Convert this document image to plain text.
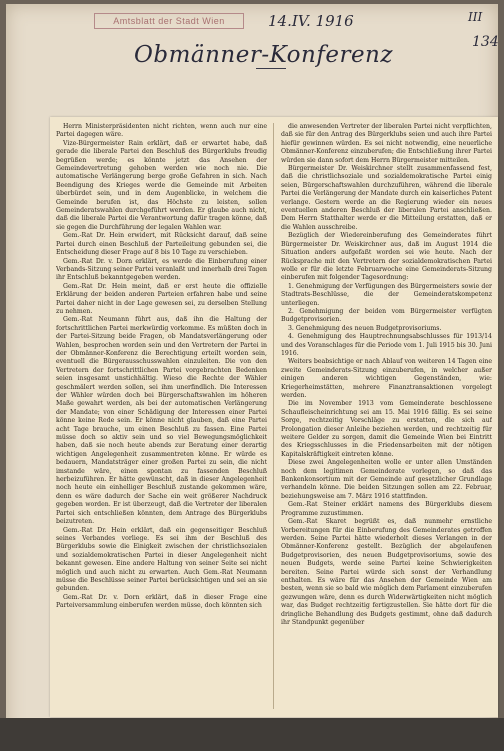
Amtsblatt der Stadt Wien	14.IV. 1916	III
134
Obmänner-Konferenz

Herrn Ministerpräsidenten nicht richten, wenn auch nur eine Partei dagegen wäre.

Vize-Bürgermeister Rain erklärt, daß er erwartet habe, daß gerade die liberale Partei den Beschluß des Bürgerklubs freudig begrüßen werde; es könnte jetzt das Ansehen der Gemeindevertretung gehoben werden wie noch nie. Die automatische Verlängerung berge große Gefahren in sich. Nach Beendigung des Krieges werde die Gemeinde mit Arbeiten überbürdet sein, und in dem Augenblicke, in welchem die Gemeinde berufen ist, das Höchste zu leisten, sollen Gemeinderatswahlen durchgeführt werden. Er glaube auch nicht, daß die liberale Partei die Verantwortung dafür tragen könne, daß sie gegen die Durchführung der legalen Wahlen war.

Gem.-Rat Dr. Hein erwidert, mit Rücksicht darauf, daß seine Partei durch einen Beschluß der Parteileitung gebunden sei, die Entscheidung dieser Frage auf 8 bis 10 Tage zu verschieben.

Gem.-Rat Dr. v. Dorn erklärt, es werde die Einberufung einer Verbands-Sitzung seiner Partei veranlaßt und innerhalb drei Tagen ihr Entschluß bekanntgegeben werden.

Gem.-Rat Dr. Hein meint, daß er erst heute die offizielle Erklärung der beiden anderen Parteien erfahren habe und seine Partei daher nicht in der Lage gewesen sei, zu derselben Stellung zu nehmen.

Gem.-Rat Neumann führt aus, daß ihn die Haltung der fortschrittlichen Partei merkwürdig vorkomme. Es müßten doch in der Partei-Sitzung beide Fragen, ob Mandatsverlängerung oder Wahlen, besprochen worden sein und den Vertretern der Partei in der Obmänner-Konferenz die Berechtigung erteilt worden sein, eventuell die Bürgerausschusswahlen einzuleiten. Die von den Vertretern der fortschrittlichen Partei vorgebrachten Bedenken seien insgesamt unstichhältig. Wieso die Rechte der Wähler geschmälert werden sollen, sei ihm unerfindlich. Die Interessen der Wähler würden doch bei Bürgerschaftswahlen im höheren Maße gewahrt werden, als bei der automatischen Verlängerung der Mandate; von einer Schädigung der Interessen einer Partei könne keine Rede sein. Er könne nicht glauben, daß eine Partei acht Tage brauche, um einen Beschluß zu fassen. Eine Partei müsse doch so aktiv sein und so viel Bewegungsmöglichkeit haben, daß sie noch heute abends zur Beratung einer derartig wichtigen Angelegenheit zusammentreten könne. Er würde es bedauern, Mandatsträger einer großen Partei zu sein, die nicht imstande wäre, einen spontan zu fassenden Beschluß herbeizuführen. Er hätte gewünscht, daß in dieser Angelegenheit noch heute ein einhelliger Beschluß zustande gekommen wäre, denn es wäre dadurch der Sache ein weit größerer Nachdruck gegeben worden. Er ist überzeugt, daß die Vertreter der liberalen Partei sich entschließen könnten, dem Antrage des Bürgerklubs beizutreten.

Gem.-Rat Dr. Hein erklärt, daß ein gegenseitiger Beschluß seines Verbandes vorliege. Es sei ihm der Beschluß des Bürgerklubs sowie die Einigkeit zwischen der christlichsozialen und sozialdemokratischen Partei in dieser Angelegenheit nicht bekannt gewesen. Eine andere Haltung von seiner Seite sei nicht möglich und auch nicht zu erwarten. Auch Gem.-Rat Neumann müsse die Beschlüsse seiner Partei berücksichtigen und sei an sie gebunden.

Gem.-Rat Dr. v. Dorn erklärt, daß in dieser Frage eine Parteiversammlung einberufen werden müsse, doch könnten sich

die anwesenden Vertreter der liberalen Partei nicht verpflichten, daß sie für den Antrag des Bürgerklubs seien und auch ihre Partei hiefür gewinnen würden. Es sei nicht notwendig, eine neuerliche Obmänner-Konferenz einzuberufen; die Entschließung ihrer Partei würden sie dann sofort dem Herrn Bürgermeister mitteilen.

Bürgermeister Dr. Weiskirchner stellt zusammenfassend fest, daß die christlichsoziale und sozialdemokratische Partei einig seien, Bürgerschaftswahlen durchzuführen, während die liberale Partei die Verlängerung der Mandate durch ein kaiserliches Patent verlange. Gestern werde an die Regierung wieder ein neues eventuellen anderen Beschluß der liberalen Partei anschließen. Dem Herrn Statthalter werde er die Mitteilung erstatten, daß er die Wahlen ausschreibe.

Bezüglich der Wiedereinberufung des Gemeinderates führt Bürgermeister Dr. Weiskirchner aus, daß im August 1914 die Situation anders aufgefaßt worden sei wie heute. Nach der Rücksprache mit den Vertretern der sozialdemokratischen Partei wolle er für die letzte Februarwoche eine Gemeinderats-Sitzung einberufen mit folgender Tagesordnung:

1. Genehmigung der Verfügungen des Bürgermeisters sowie der Stadtrats-Beschlüsse, die der Gemeinderatskompetenz unterliegen.

2. Genehmigung der beiden vom Bürgermeister verfügten Budgetprovisorien.

3. Genehmigung des neuen Budgetprovisoriums.

4. Genehmigung des Hauptrechnungsabschlusses für 1913/14 und des Voranschlages für die Periode vom 1. Juli 1915 bis 30. Juni 1916.

Weiters beabsichtige er nach Ablauf von weiteren 14 Tagen eine zweite Gemeinderats-Sitzung einzuberufen, in welcher außer einigen anderen wichtigen Gegenständen, wie: Kriegerheimstätten, mehrere Finanztransaktionen vorgelegt werden.

Die im November 1913 vom Gemeinderate beschlossene Schaufleischeinrichtung sei am 15. Mai 1916 fällig. Es sei seine Sorge, rechtzeitig Vorschläge zu erstatten, die sich auf Prolongation dieser Anleihe beziehen werden, und rechtzeitig für weitere Gelder zu sorgen, damit die Gemeinde Wien bei Eintritt des Kriegsschlusses in die Friedensarbeiten mit der nötigen Kapitalskräftigkeit eintreten könne.

Diese zwei Angelegenheiten wolle er unter allen Umständen noch dem legitimen Gemeinderate vorlegen, so daß das Bankenkonsortium mit der Gemeinde auf gesetzlicher Grundlage verhandeln könne. Die beiden Sitzungen sollen am 22. Februar, beziehungsweise am 7. März 1916 stattfinden.

Gem.-Rat Steiner erklärt namens des Bürgerklubs diesem Programme zuzustimmen.

Gem.-Rat Skaret begrüßt es, daß nunmehr ernstliche Vorbereitungen für die Einberufung des Gemeinderates getroffen werden. Seine Partei hätte wiederholt dieses Verlangen in der Obmänner-Konferenz gestellt. Bezüglich der abgelaufenen Budgetprovisorien, des neuen Budgetprovisoriums, sowie des neuen Budgets, werde seine Partei keine Schwierigkeiten bereiten. Seine Partei würde sich sonst der Verhandlung enthalten. Es wäre für das Ansehen der Gemeinde Wien am besten, wenn sie so bald wie möglich dem Parlament einzuberufen gezwungen wäre, denn es durch Widerwärtigkeiten nicht möglich war, das Budget rechtzeitig fertigzustellen. Sie hätte dort für die dringliche Behandlung des Budgets gestimmt, ohne daß dadurch ihr Standpunkt gegenüber
